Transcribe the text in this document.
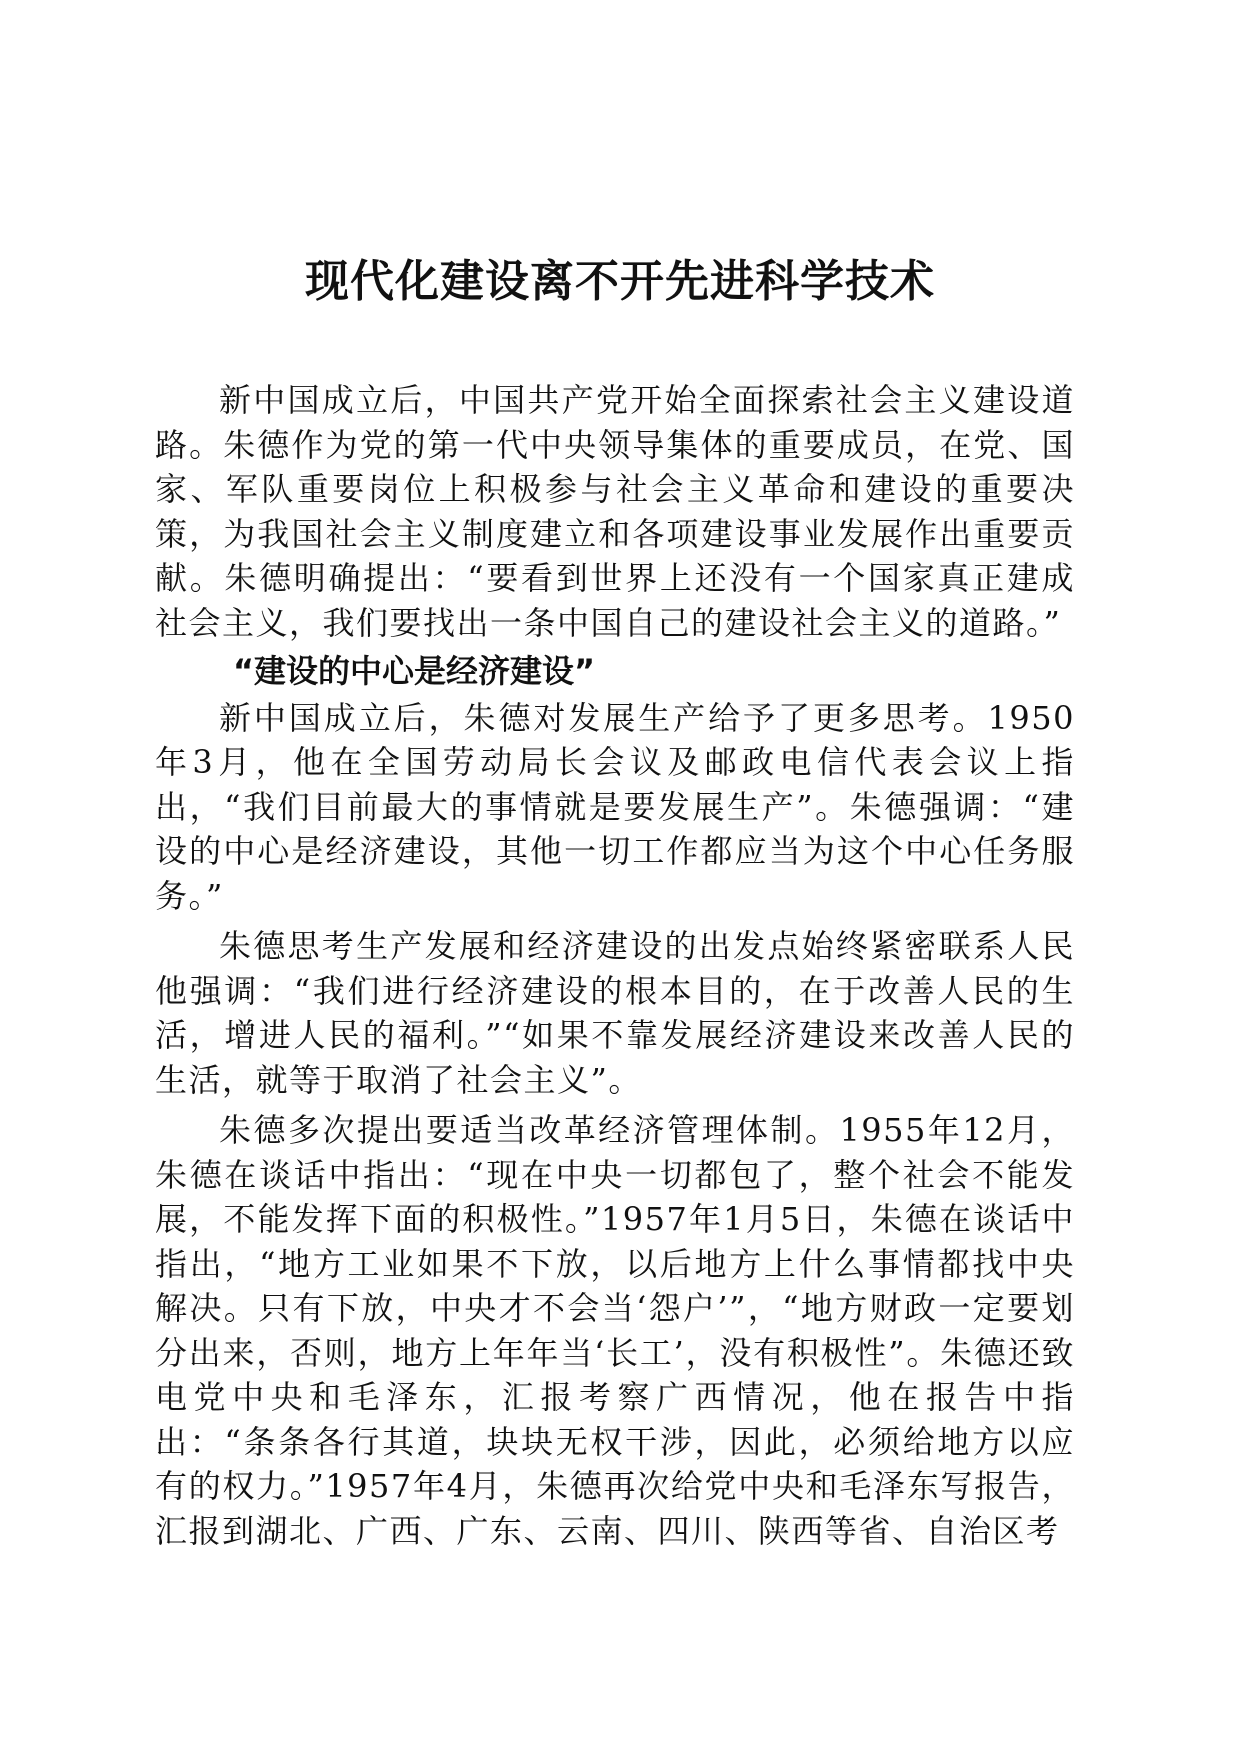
现代化建设离不开先进科学技术

新中国成立后，中国共产党开始全面探索社会主义建设道路。朱德作为党的第一代中央领导集体的重要成员，在党、国家、军队重要岗位上积极参与社会主义革命和建设的重要决策，为我国社会主义制度建立和各项建设事业发展作出重要贡献。朱德明确提出：“要看到世界上还没有一个国家真正建成社会主义，我们要找出一条中国自己的建设社会主义的道路。”

“建设的中心是经济建设”

新中国成立后，朱德对发展生产给予了更多思考。1950年3月，他在全国劳动局长会议及邮政电信代表会议上指出，“我们目前最大的事情就是要发展生产”。朱德强调：“建设的中心是经济建设，其他一切工作都应当为这个中心任务服务。”

朱德思考生产发展和经济建设的出发点始终紧密联系人民他强调：“我们进行经济建设的根本目的，在于改善人民的生活，增进人民的福利。”“如果不靠发展经济建设来改善人民的生活，就等于取消了社会主义”。

朱德多次提出要适当改革经济管理体制。1955年12月，朱德在谈话中指出：“现在中央一切都包了，整个社会不能发展，不能发挥下面的积极性。”1957年1月5日，朱德在谈话中指出，“地方工业如果不下放，以后地方上什么事情都找中央解决。只有下放，中央才不会当‘怨户’”，“地方财政一定要划分出来，否则，地方上年年当‘长工’，没有积极性”。朱德还致电党中央和毛泽东，汇报考察广西情况，他在报告中指出：“条条各行其道，块块无权干涉，因此，必须给地方以应有的权力。”1957年4月，朱德再次给党中央和毛泽东写报告，汇报到湖北、广西、广东、云南、四川、陕西等省、自治区考
